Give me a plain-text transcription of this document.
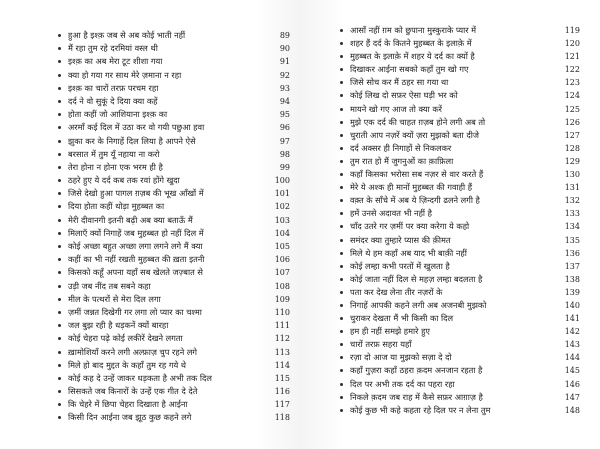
हुआ है इश्क़ जब से अब कोई भाती नहीं	89
मैं रहा तुम रहे दरमियां वस्ल थी	90
इश्क़ का अब मेरा टूट शीशा गया	91
क्या हो गया गर साथ मेरे ज़माना न रहा	92
इश्क़ का चारों तरफ़ परचम रहा	93
दर्द ने वो सुकूं दे दिया क्या कहें	94
होता कहीं जो आशियाना इश्क़ का	95
अरमाँ कई दिल में उठा कर वो गयी पछुआ हवा	96
झुका कर के निगाहें दिल लिया है आपने ऐसे	97
बरसात में तुम यूँ नहाया ना करो	98
तेरा होना न होना एक भरम ही है	99
ठहरे हुए ये दर्द कब तक रवां होंगे खुदा	100
जिसे देखो हुआ पागल ग़ज़ब की भूख आँखों में	101
दिया होता कहीं थोड़ा मुहब्बत का	102
मेरी दीवानगी इतनी बढ़ी अब क्या बताऊँ मैं	103
मिलाएँ क्यों निगाहें जब मुहब्बत हो नहीं दिल में	104
कोई अच्छा बहुत अच्छा लगा लगने लगे मैं क्या	105
कहीं का भी नहीं रखती मुहब्बत की ख़ता इतनी	106
किसको कहूँ अपना यहाँ सब खेलते जज़्बात से	107
उड़ी जब नींद तब सबने कहा	108
मील के पत्थरों से मेरा दिल लगा	109
ज़मीं जन्नत दिखेगी गर लगा लो प्यार का चश्मा	110
जल बुझ रही है धड़कनें क्यों बारहा	111
कोई चेहरा पढ़े कोई लकीरें देखने लगता	112
ख़ामोशियाँ करने लगी अल्फ़ाज़ चुप रहने लगे	113
मिले हो बाद मुद्दत के कहाँ तुम रह गये थे	114
कोई कह दे उन्हें जाकर धड़कता है अभी तक दिल	115
सिसकते जब किनारों के उन्हें एक गीत दे देते	116
कि चेहरे में छिपा चेहरा दिखाता है आईना	117
किसी दिन आईना जब झूठ कुछ कहने लगे	118
आसाँ नहीं ग़म को छुपाना मुस्कुराके प्यार में	119
शहर हैं दर्द के कितने मुहब्बत के इलाक़े में	120
मुहब्बत के इलाक़े में शहर ये दर्द का क्यों है	121
दिखाकर आईना सबको कहाँ तुम खो गए	122
जिसे सोच कर मैं ठहर सा गया था	123
कोई लिख दो सफ़र ऐसा घड़ी भर को	124
मायने खो गए आज तो क्या करें	125
मुझे एक दर्द की चाहत ग़ज़ब होने लगी अब तो	126
चुराती आप नज़रें क्यों ज़रा मुझको बता दीजे	127
दर्द अक्सर ही निगाहों से निकलकर	128
तुम रात हो मैं जुगनुओं का क़ाफ़िला	129
कहाँ किसका भरोसा सब नज़र से वार करते हैं	130
मेरे ये अश्क ही मानों मुहब्बत की गवाही हैं	131
वक़्त के साँचे में अब ये ज़िन्दगी ढलने लगी है	132
हमें उनसे अदावत भी नहीं है	133
चाँद उतरे गर ज़मीं पर क्या करेगा ये कहो	134
समंदर क्या तुम्हारे प्यास की क़ीमत	135
मिले थे हम कहाँ अब याद भी बाक़ी नहीं	136
कोई लम्हा कभी परतों में खुलता है	137
कोई जाता नहीं दिल से महज़ लम्हा बदलता है	138
पता कर देख लेना तीर नज़रों के	139
निगाहें आपकी कहने लगी अब अजनबी मुझको	140
चुराकर देखता मैं भी किसी का दिल	141
हम ही नहीं समझे हमारे हुए	142
चारों तरफ़ सहरा यहाँ	143
रज़ा दो आज या मुझको सज़ा दे दो	144
कहाँ गुज़रा कहाँ ठहरा क़दम अनजान रहता है	145
दिल पर अभी तक दर्द का पहरा रहा	146
निकले क़दम जब राह में कैसे सफ़र आग़ाज़ है	147
कोई कुछ भी कहे कहता रहे दिल पर न लेना तुम	148
